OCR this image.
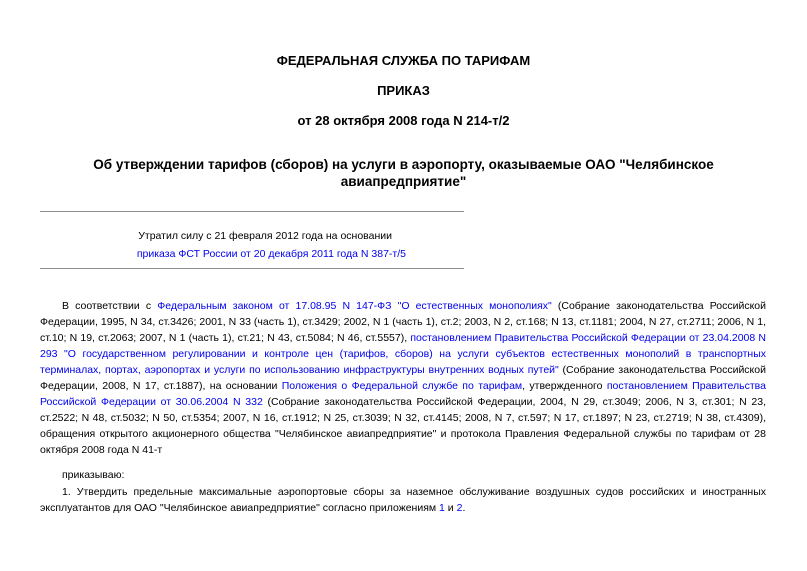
ФЕДЕРАЛЬНАЯ СЛУЖБА ПО ТАРИФАМ
ПРИКАЗ
от 28 октября 2008 года N 214-т/2
Об утверждении тарифов (сборов) на услуги в аэропорту, оказываемые ОАО "Челябинское авиапредприятие"
Утратил силу с 21 февраля 2012 года на основании
приказа ФСТ России от 20 декабря 2011 года N 387-т/5
В соответствии с Федеральным законом от 17.08.95 N 147-ФЗ "О естественных монополиях" (Собрание законодательства Российской Федерации, 1995, N 34, ст.3426; 2001, N 33 (часть 1), ст.3429; 2002, N 1 (часть 1), ст.2; 2003, N 2, ст.168; N 13, ст.1181; 2004, N 27, ст.2711; 2006, N 1, ст.10; N 19, ст.2063; 2007, N 1 (часть 1), ст.21; N 43, ст.5084; N 46, ст.5557), постановлением Правительства Российской Федерации от 23.04.2008 N 293 "О государственном регулировании и контроле цен (тарифов, сборов) на услуги субъектов естественных монополий в транспортных терминалах, портах, аэропортах и услуги по использованию инфраструктуры внутренних водных путей" (Собрание законодательства Российской Федерации, 2008, N 17, ст.1887), на основании Положения о Федеральной службе по тарифам, утвержденного постановлением Правительства Российской Федерации от 30.06.2004 N 332 (Собрание законодательства Российской Федерации, 2004, N 29, ст.3049; 2006, N 3, ст.301; N 23, ст.2522; N 48, ст.5032; N 50, ст.5354; 2007, N 16, ст.1912; N 25, ст.3039; N 32, ст.4145; 2008, N 7, ст.597; N 17, ст.1897; N 23, ст.2719; N 38, ст.4309), обращения открытого акционерного общества "Челябинское авиапредприятие" и протокола Правления Федеральной службы по тарифам от 28 октября 2008 года N 41-т
приказываю:
1. Утвердить предельные максимальные аэропортовые сборы за наземное обслуживание воздушных судов российских и иностранных эксплуатантов для ОАО "Челябинское авиапредприятие" согласно приложениям 1 и 2.
